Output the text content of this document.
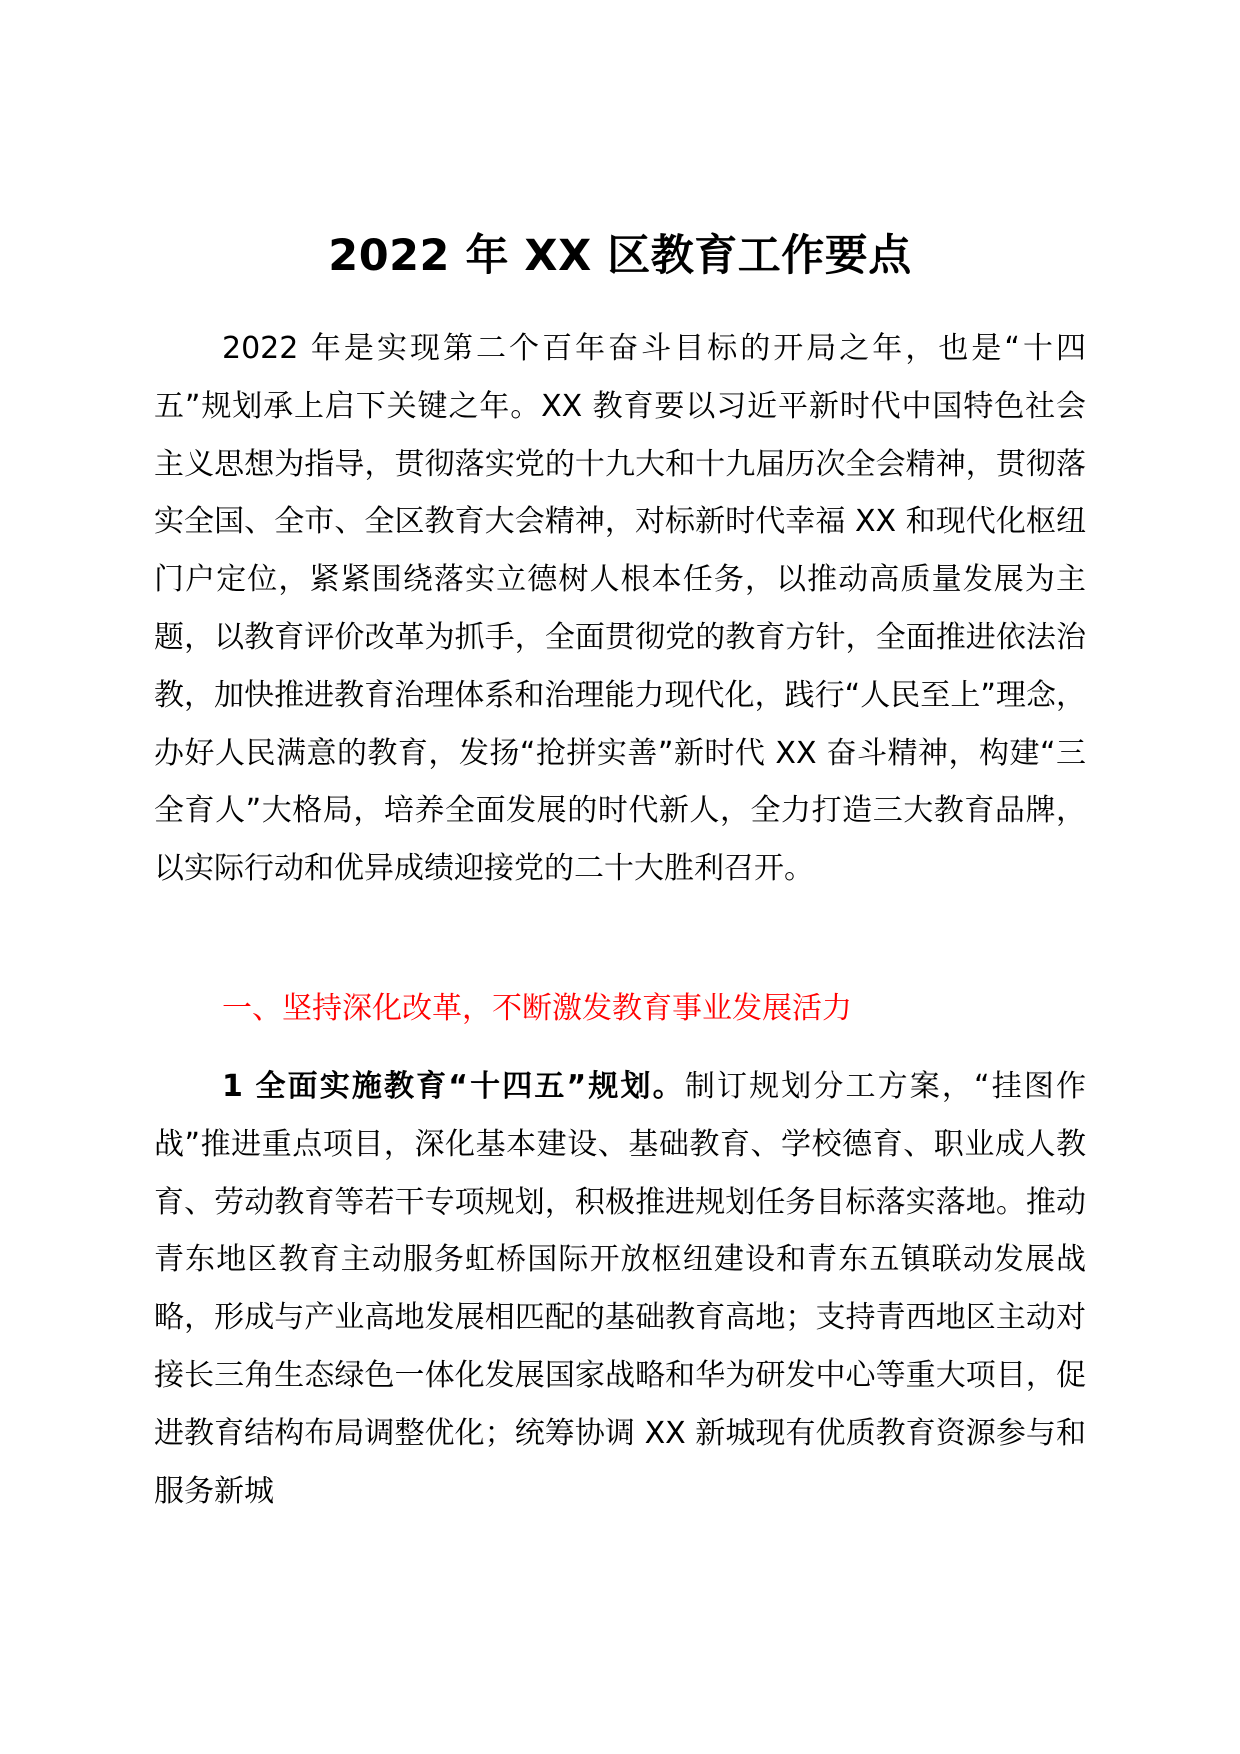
2022 年 XX 区教育工作要点

2022 年是实现第二个百年奋斗目标的开局之年，也是“十四五”规划承上启下关键之年。XX 教育要以习近平新时代中国特色社会主义思想为指导，贯彻落实党的十九大和十九届历次全会精神，贯彻落实全国、全市、全区教育大会精神，对标新时代幸福 XX 和现代化枢纽门户定位，紧紧围绕落实立德树人根本任务，以推动高质量发展为主题，以教育评价改革为抓手，全面贯彻党的教育方针，全面推进依法治教，加快推进教育治理体系和治理能力现代化，践行“人民至上”理念，办好人民满意的教育，发扬“抢拼实善”新时代 XX 奋斗精神，构建“三全育人”大格局，培养全面发展的时代新人，全力打造三大教育品牌，以实际行动和优异成绩迎接党的二十大胜利召开。

一、坚持深化改革，不断激发教育事业发展活力

1 全面实施教育“十四五”规划。制订规划分工方案，“挂图作战”推进重点项目，深化基本建设、基础教育、学校德育、职业成人教育、劳动教育等若干专项规划，积极推进规划任务目标落实落地。推动青东地区教育主动服务虹桥国际开放枢纽建设和青东五镇联动发展战略，形成与产业高地发展相匹配的基础教育高地；支持青西地区主动对接长三角生态绿色一体化发展国家战略和华为研发中心等重大项目，促进教育结构布局调整优化；统筹协调 XX 新城现有优质教育资源参与和服务新城
